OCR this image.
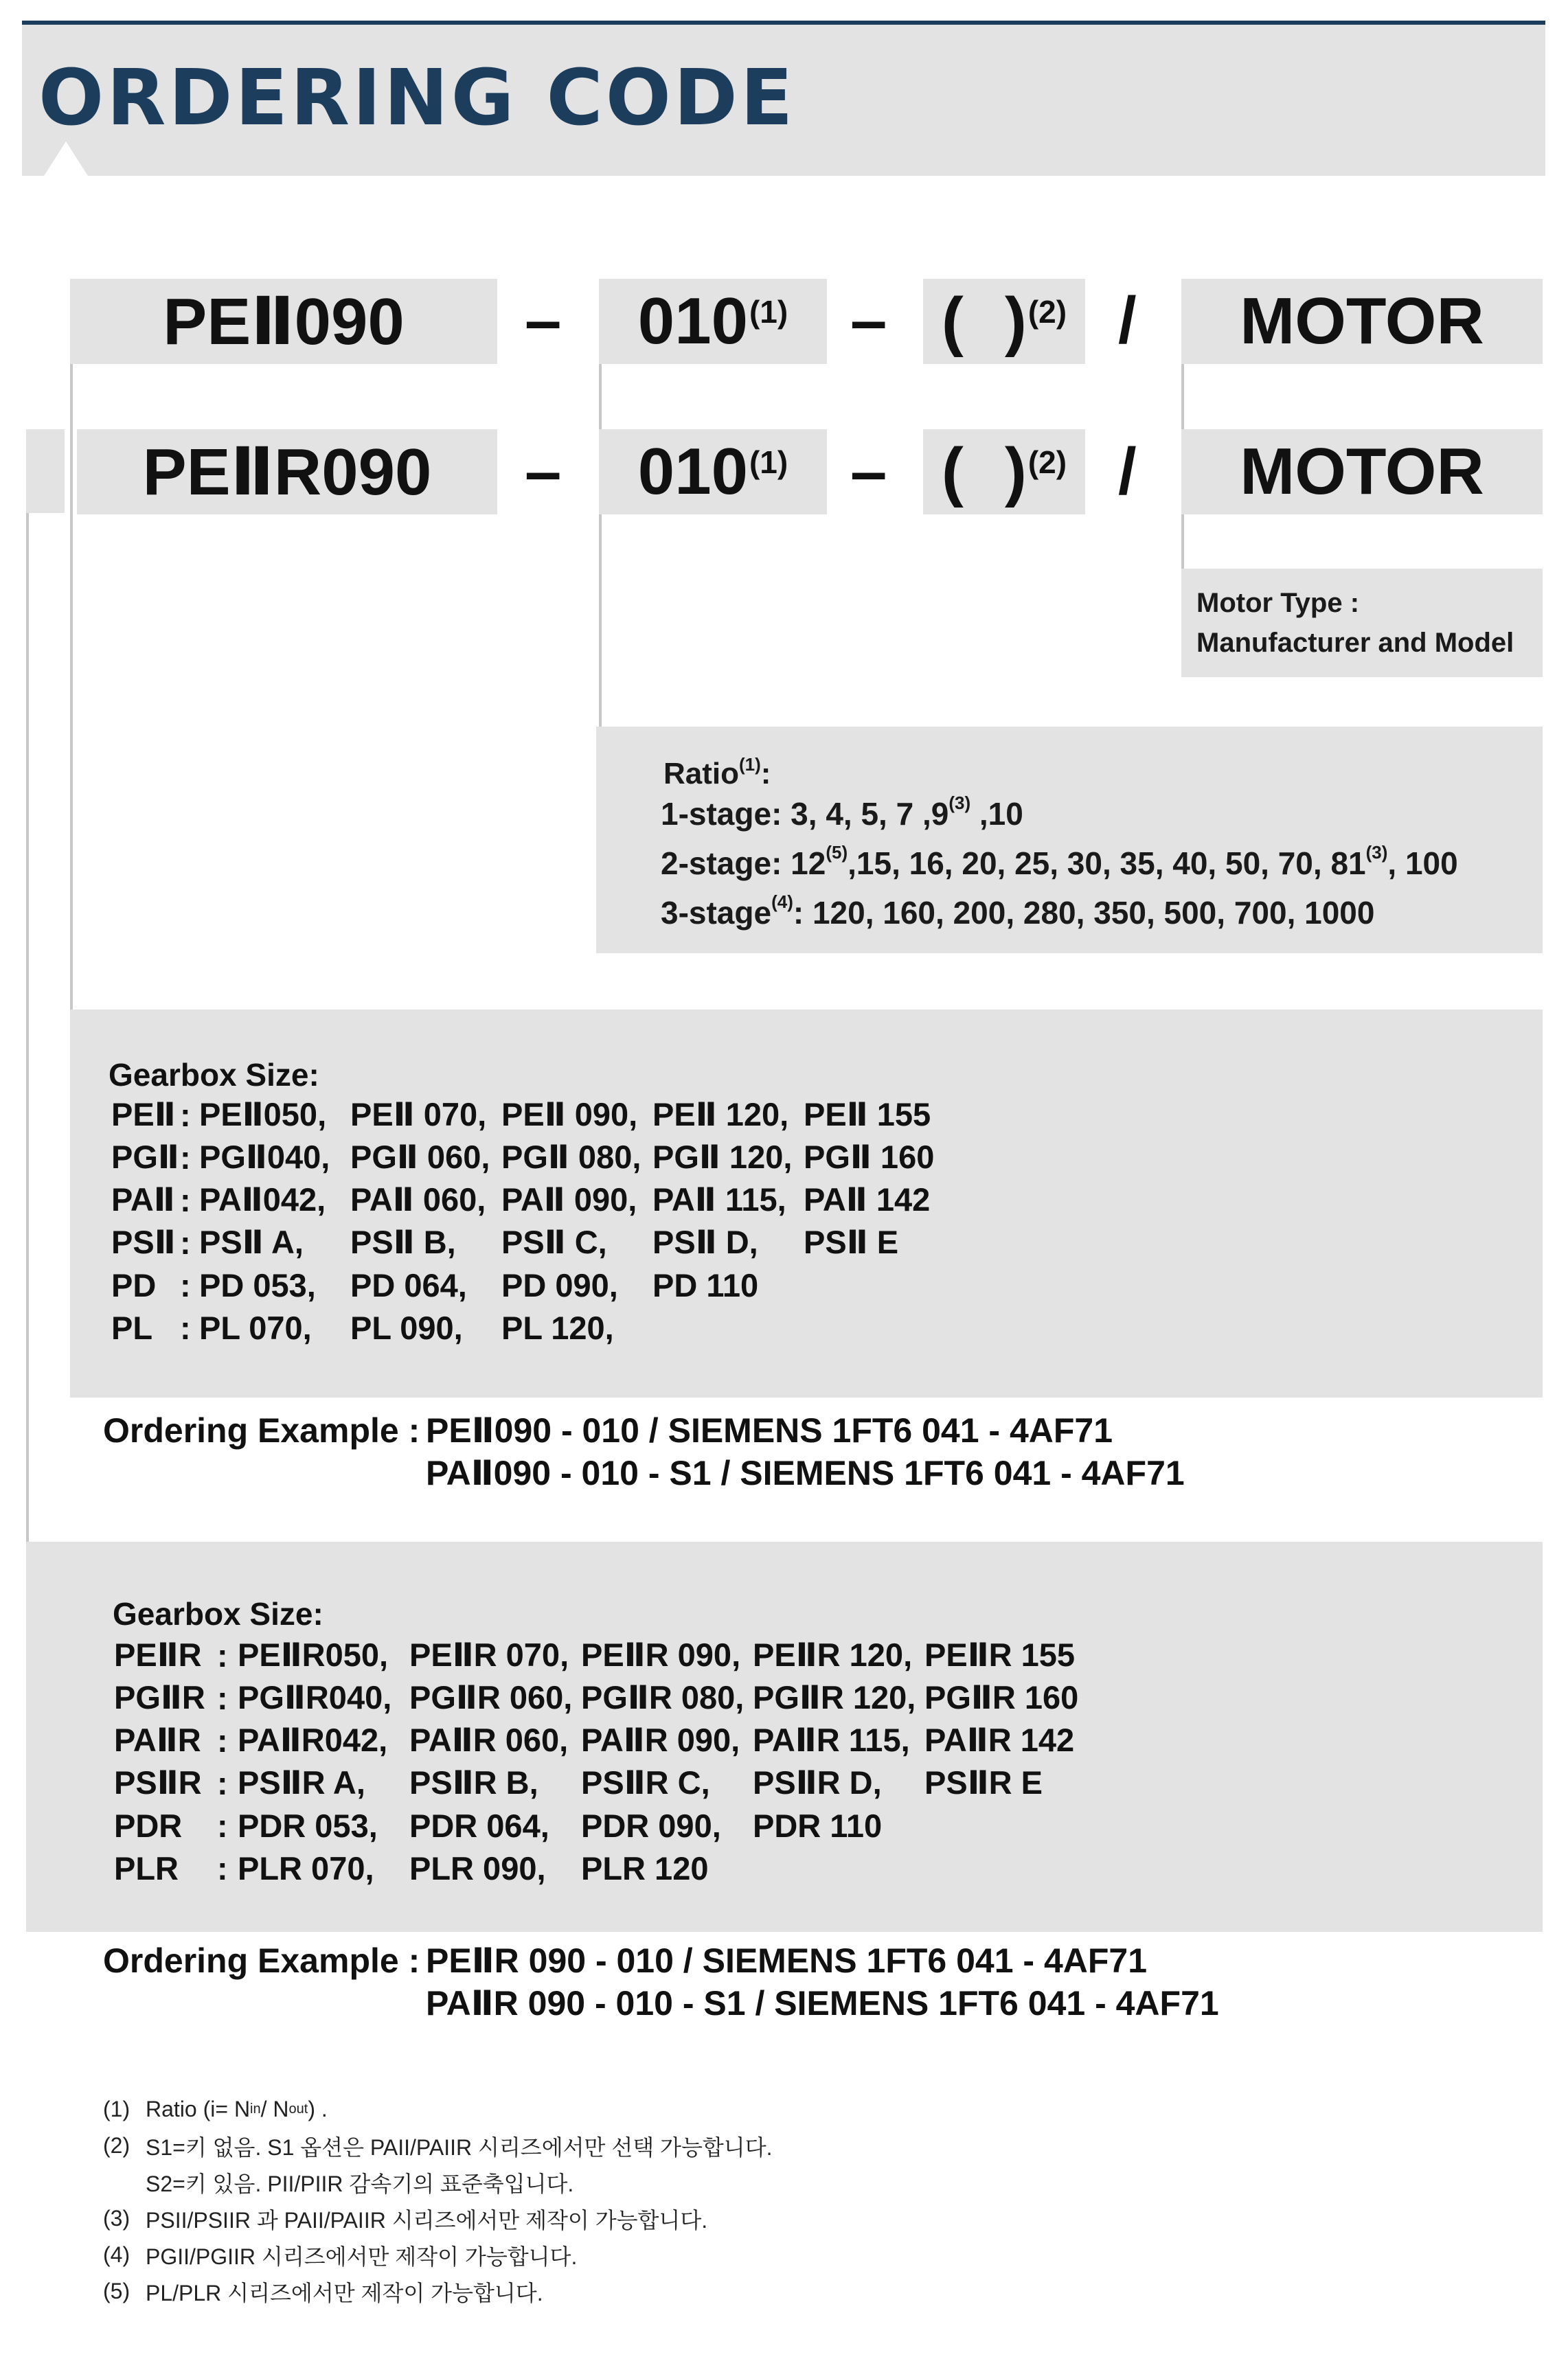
ORDERING CODE
PEⅡ090 – 010$^{(1)}$ – ( )$^{(2)}$ / MOTOR
PEⅡR090 – 010$^{(1)}$ – ( )$^{(2)}$ / MOTOR
Motor Type :
Manufacturer and Model
Ratio$^{(1)}$:
1-stage: 3, 4, 5, 7 ,9$^{(3)}$ ,10
2-stage: 12$^{(5)}$,15, 16, 20, 25, 30, 35, 40, 50, 70, 81$^{(3)}$, 100
3-stage$^{(4)}$: 120, 160, 200, 280, 350, 500, 700, 1000
Gearbox Size:
PEⅡ : PEⅡ050, PEⅡ 070, PEⅡ 090, PEⅡ 120, PEⅡ 155
PGⅡ : PGⅡ040, PGⅡ 060, PGⅡ 080, PGⅡ 120, PGⅡ 160
PAⅡ : PAⅡ042, PAⅡ 060, PAⅡ 090, PAⅡ 115, PAⅡ 142
PSⅡ : PSⅡ A,	PSⅡ B,	PSⅡ C,	PSⅡ D,	PSⅡ E
PD : PD 053,	PD 064,	PD 090,	PD 110
PL : PL 070,	PL 090,	PL 120,
Ordering Example : PEⅡ090 - 010 / SIEMENS 1FT6 041 - 4AF71
PAⅡ090 - 010 - S1 / SIEMENS 1FT6 041 - 4AF71
Gearbox Size:
PEⅡR : PEⅡR050, PEⅡR 070, PEⅡR 090, PEⅡR 120, PEⅡR 155
PGⅡR : PGⅡR040, PGⅡR 060, PGⅡR 080, PGⅡR 120, PGⅡR 160
PAⅡR : PAⅡR042, PAⅡR 060, PAⅡR 090, PAⅡR 115, PAⅡR 142
PSⅡR : PSⅡR A,	PSⅡR B,	PSⅡR C,	PSⅡR D,	PSⅡR E
PDR	: PDR 053, PDR 064, PDR 090, PDR 110
PLR	: PLR 070,	PLR 090,	PLR 120
Ordering Example : PEⅡR 090 - 010 / SIEMENS 1FT6 041 - 4AF71
PAⅡR 090 - 010 - S1 / SIEMENS 1FT6 041 - 4AF71
(1) Ratio (i= N in / N out ) .
(2) S1=키 없음. S1 옵션은 PAII/PAIIR 시리즈에서만 선택 가능합니다.
S2=키 있음. PII/PIIR 감속기의 표준축입니다.
(3) PSII/PSIIR 과 PAII/PAIIR 시리즈에서만 제작이 가능합니다.
(4) PGII/PGIIR 시리즈에서만 제작이 가능합니다.
(5) PL/PLR 시리즈에서만 제작이 가능합니다.
